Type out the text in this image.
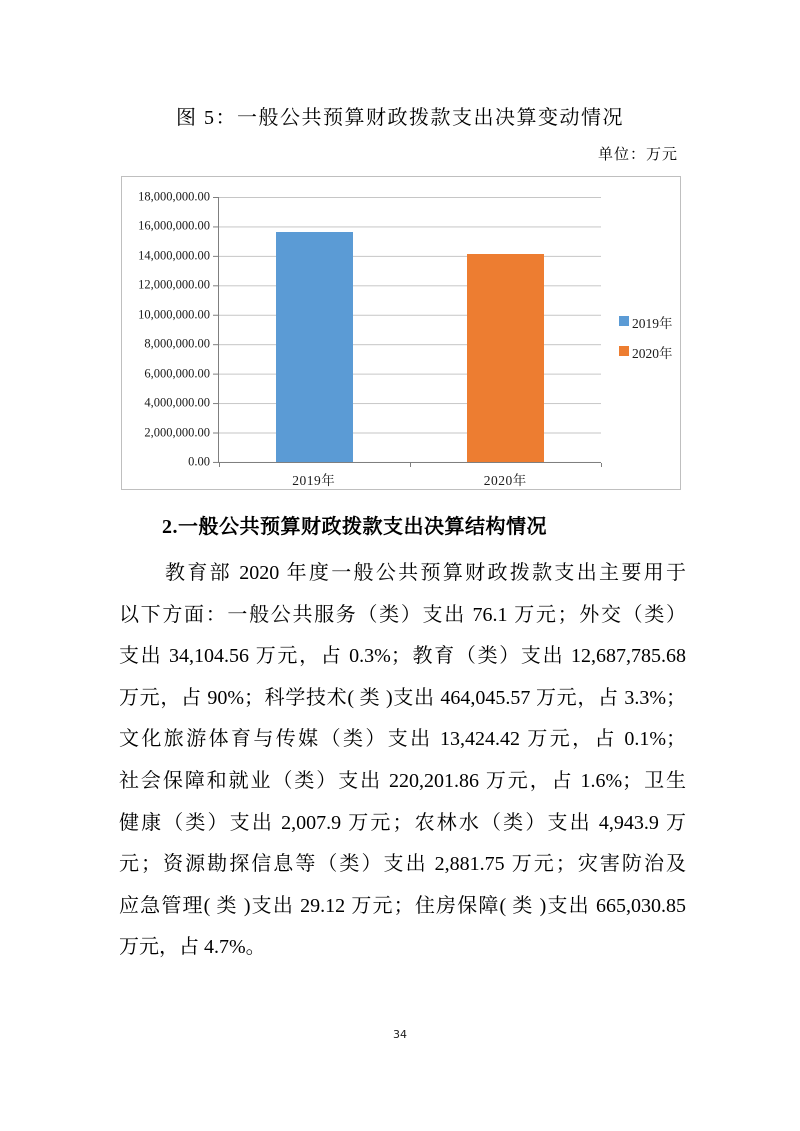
图 5：一般公共预算财政拨款支出决算变动情况
单位：万元
18,000,000.00
16,000,000.00
14,000,000.00
12,000,000.00
10,000,000.00
8,000,000.00
6,000,000.00
4,000,000.00
2,000,000.00
0.00
2019年	2020年
2019年
2020年
2.一般公共预算财政拨款支出决算结构情况
教育部 2020 年度一般公共预算财政拨款支出主要用于
以下方面：一般公共服务（类）支出 76.1 万元；外交（类）
支出 34,104.56 万元，占 0.3%；教育（类）支出 12,687,785.68
万元，占 90%；科学技术( 类 )支出 464,045.57 万元，占 3.3%；
文化旅游体育与传媒（类）支出 13,424.42 万元，占 0.1%；
社会保障和就业（类）支出 220,201.86 万元，占 1.6%；卫生
健康（类）支出 2,007.9 万元；农林水（类）支出 4,943.9 万
元；资源勘探信息等（类）支出 2,881.75 万元；灾害防治及
应急管理( 类 )支出 29.12 万元；住房保障( 类 )支出 665,030.85
万元，占 4.7%。
34
